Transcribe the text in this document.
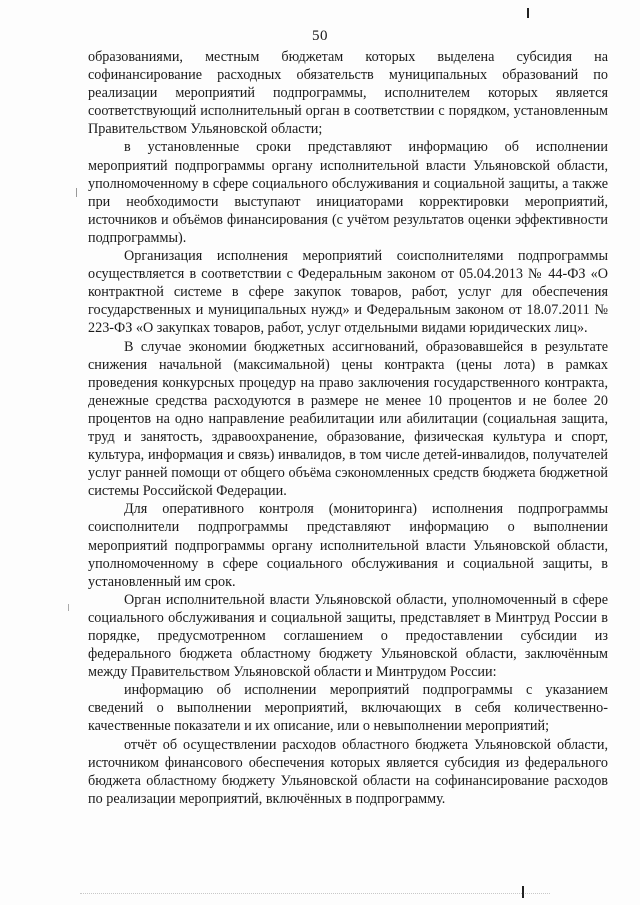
50

образованиями, местным бюджетам которых выделена субсидия на софинансирование расходных обязательств муниципальных образований по реализации мероприятий подпрограммы, исполнителем которых является соответствующий исполнительный орган в соответствии с порядком, установленным Правительством Ульяновской области;

в установленные сроки представляют информацию об исполнении мероприятий подпрограммы органу исполнительной власти Ульяновской области, уполномоченному в сфере социального обслуживания и социальной защиты, а также при необходимости выступают инициаторами корректировки мероприятий, источников и объёмов финансирования (с учётом результатов оценки эффективности подпрограммы).

Организация исполнения мероприятий соисполнителями подпрограммы осуществляется в соответствии с Федеральным законом от 05.04.2013 № 44-ФЗ «О контрактной системе в сфере закупок товаров, работ, услуг для обеспечения государственных и муниципальных нужд» и Федеральным законом от 18.07.2011 № 223-ФЗ «О закупках товаров, работ, услуг отдельными видами юридических лиц».

В случае экономии бюджетных ассигнований, образовавшейся в результате снижения начальной (максимальной) цены контракта (цены лота) в рамках проведения конкурсных процедур на право заключения государственного контракта, денежные средства расходуются в размере не менее 10 процентов и не более 20 процентов на одно направление реабилитации или абилитации (социальная защита, труд и занятость, здравоохранение, образование, физическая культура и спорт, культура, информация и связь) инвалидов, в том числе детей-инвалидов, получателей услуг ранней помощи от общего объёма сэкономленных средств бюджета бюджетной системы Российской Федерации.

Для оперативного контроля (мониторинга) исполнения подпрограммы соисполнители подпрограммы представляют информацию о выполнении мероприятий подпрограммы органу исполнительной власти Ульяновской области, уполномоченному в сфере социального обслуживания и социальной защиты, в установленный им срок.

Орган исполнительной власти Ульяновской области, уполномоченный в сфере социального обслуживания и социальной защиты, представляет в Минтруд России в порядке, предусмотренном соглашением о предоставлении субсидии из федерального бюджета областному бюджету Ульяновской области, заключённым между Правительством Ульяновской области и Минтрудом России:

информацию об исполнении мероприятий подпрограммы с указанием сведений о выполнении мероприятий, включающих в себя количественно-качественные показатели и их описание, или о невыполнении мероприятий;

отчёт об осуществлении расходов областного бюджета Ульяновской области, источником финансового обеспечения которых является субсидия из федерального бюджета областному бюджету Ульяновской области на софинансирование расходов по реализации мероприятий, включённых в подпрограмму.
